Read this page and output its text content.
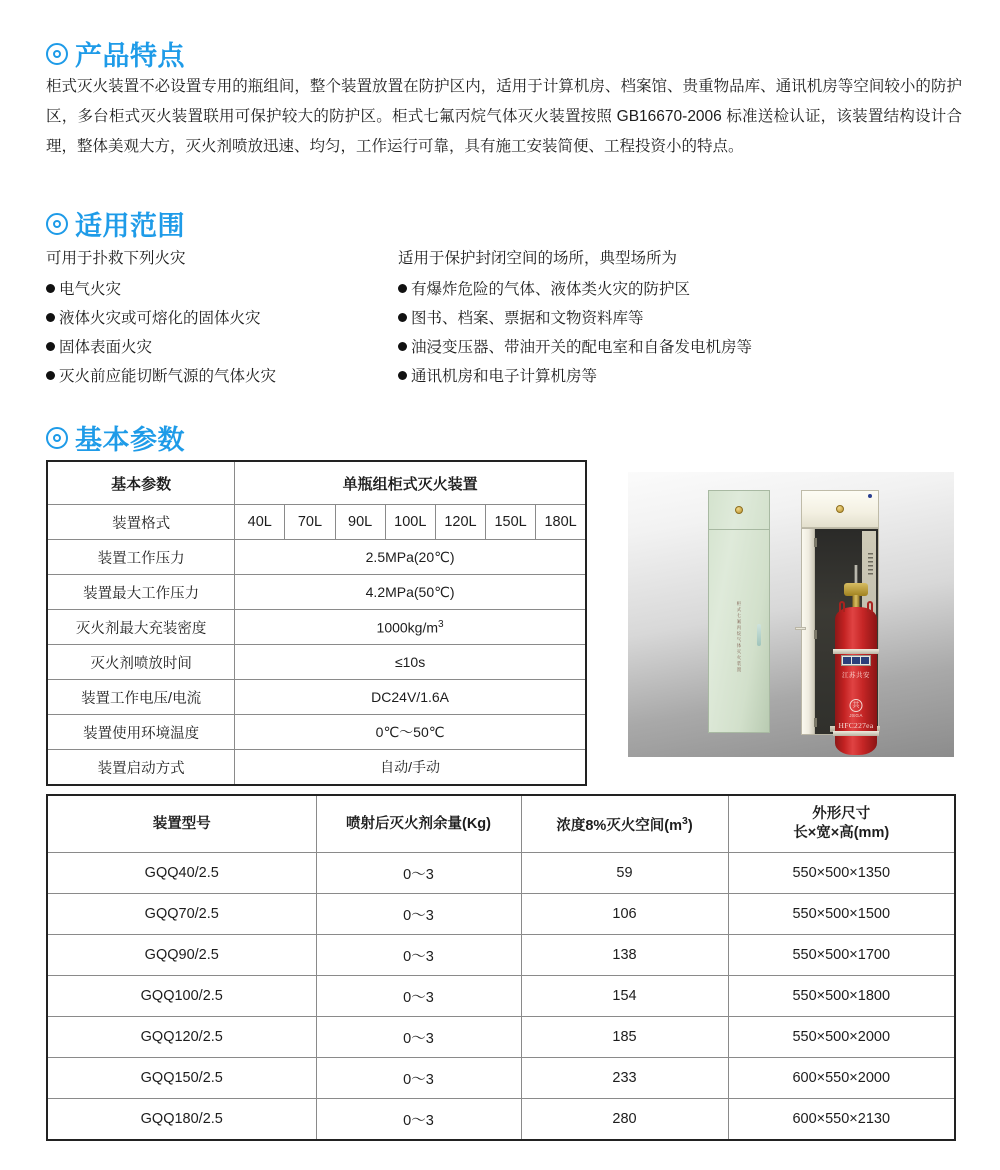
产品特点
柜式灭火装置不必设置专用的瓶组间，整个装置放置在防护区内，适用于计算机房、档案馆、贵重物品库、通讯机房等空间较小的防护区，多台柜式灭火装置联用可保护较大的防护区。柜式七氟丙烷气体灭火装置按照 GB16670-2006 标准送检认证，该装置结构设计合理，整体美观大方，灭火剂喷放迅速、均匀，工作运行可靠，具有施工安装简便、工程投资小的特点。
适用范围
可用于扑救下列火灾
电气火灾
液体火灾或可熔化的固体火灾
固体表面火灾
灭火前应能切断气源的气体火灾
适用于保护封闭空间的场所，典型场所为
有爆炸危险的气体、液体类火灾的防护区
图书、档案、票据和文物资料库等
油浸变压器、带油开关的配电室和自备发电机房等
通讯机房和电子计算机房等
基本参数
基本参数	单瓶组柜式灭火装置						
装置格式	40L	70L	90L	100L	120L	150L	180L
装置工作压力	2.5MPa(20℃)						
装置最大工作压力	4.2MPa(50℃)						
灭火剂最大充装密度	$1000kg/m^3$
灭火剂喷放时间	≤10s						
装置工作电压/电流	DC24V/1.6A						
装置使用环境温度	0℃～50℃						
装置启动方式	自动/手动						
柜式七氟丙烷气体灭火装置
江苏共安
共
JSGA
HFC227ea
装置型号	喷射后灭火剂余量(Kg)	浓度8%灭火空间$(m^3)$	外形尺寸
长×宽×高(mm)

GQQ40/2.5	0～3	59	550×500×1350
GQQ70/2.5	0～3	106	550×500×1500
GQQ90/2.5	0～3	138	550×500×1700
GQQ100/2.5	0～3	154	550×500×1800
GQQ120/2.5	0～3	185	550×500×2000
GQQ150/2.5	0～3	233	600×550×2000
GQQ180/2.5	0～3	280	600×550×2130
